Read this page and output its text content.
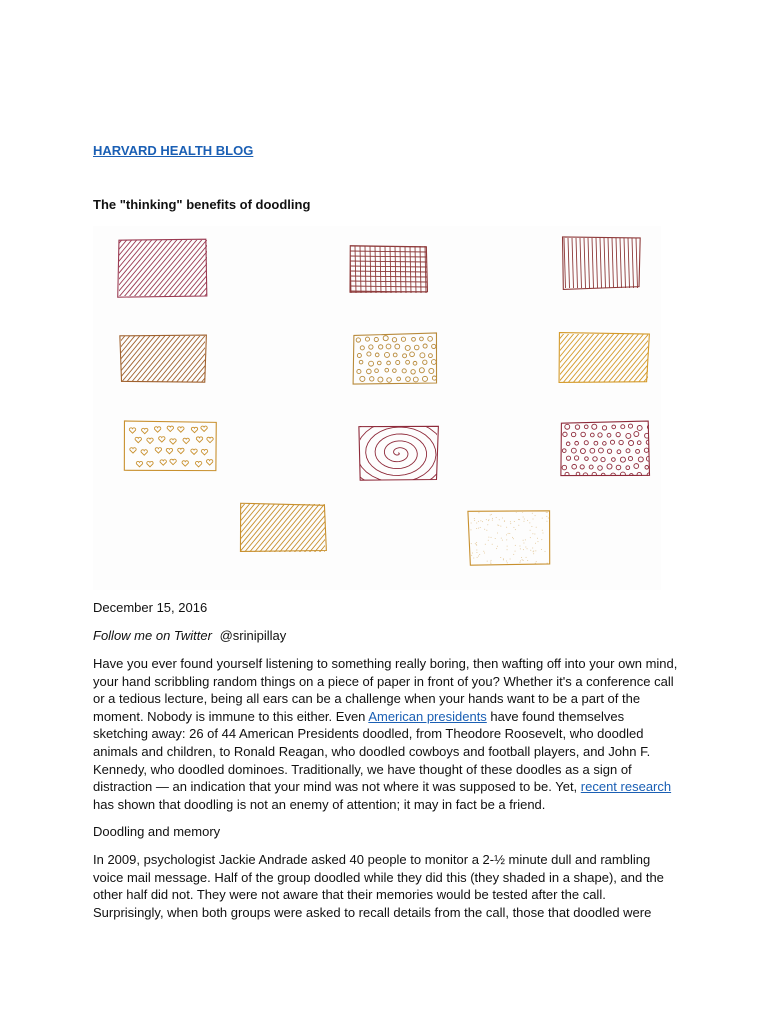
HARVARD HEALTH BLOG
The "thinking" benefits of doodling
December 15, 2016
Follow me on Twitter @srinipillay

Have you ever found yourself listening to something really boring, then wafting off into your own mind, your hand scribbling random things on a piece of paper in front of you? Whether it's a conference call or a tedious lecture, being all ears can be a challenge when your hands want to be a part of the moment. Nobody is immune to this either. Even American presidents have found themselves sketching away: 26 of 44 American Presidents doodled, from Theodore Roosevelt, who doodled animals and children, to Ronald Reagan, who doodled cowboys and football players, and John F. Kennedy, who doodled dominoes. Traditionally, we have thought of these doodles as a sign of distraction — an indication that your mind was not where it was supposed to be. Yet, recent research has shown that doodling is not an enemy of attention; it may in fact be a friend.

Doodling and memory

In 2009, psychologist Jackie Andrade asked 40 people to monitor a 2-½ minute dull and rambling voice mail message. Half of the group doodled while they did this (they shaded in a shape), and the other half did not. They were not aware that their memories would be tested after the call. Surprisingly, when both groups were asked to recall details from the call, those that doodled were
